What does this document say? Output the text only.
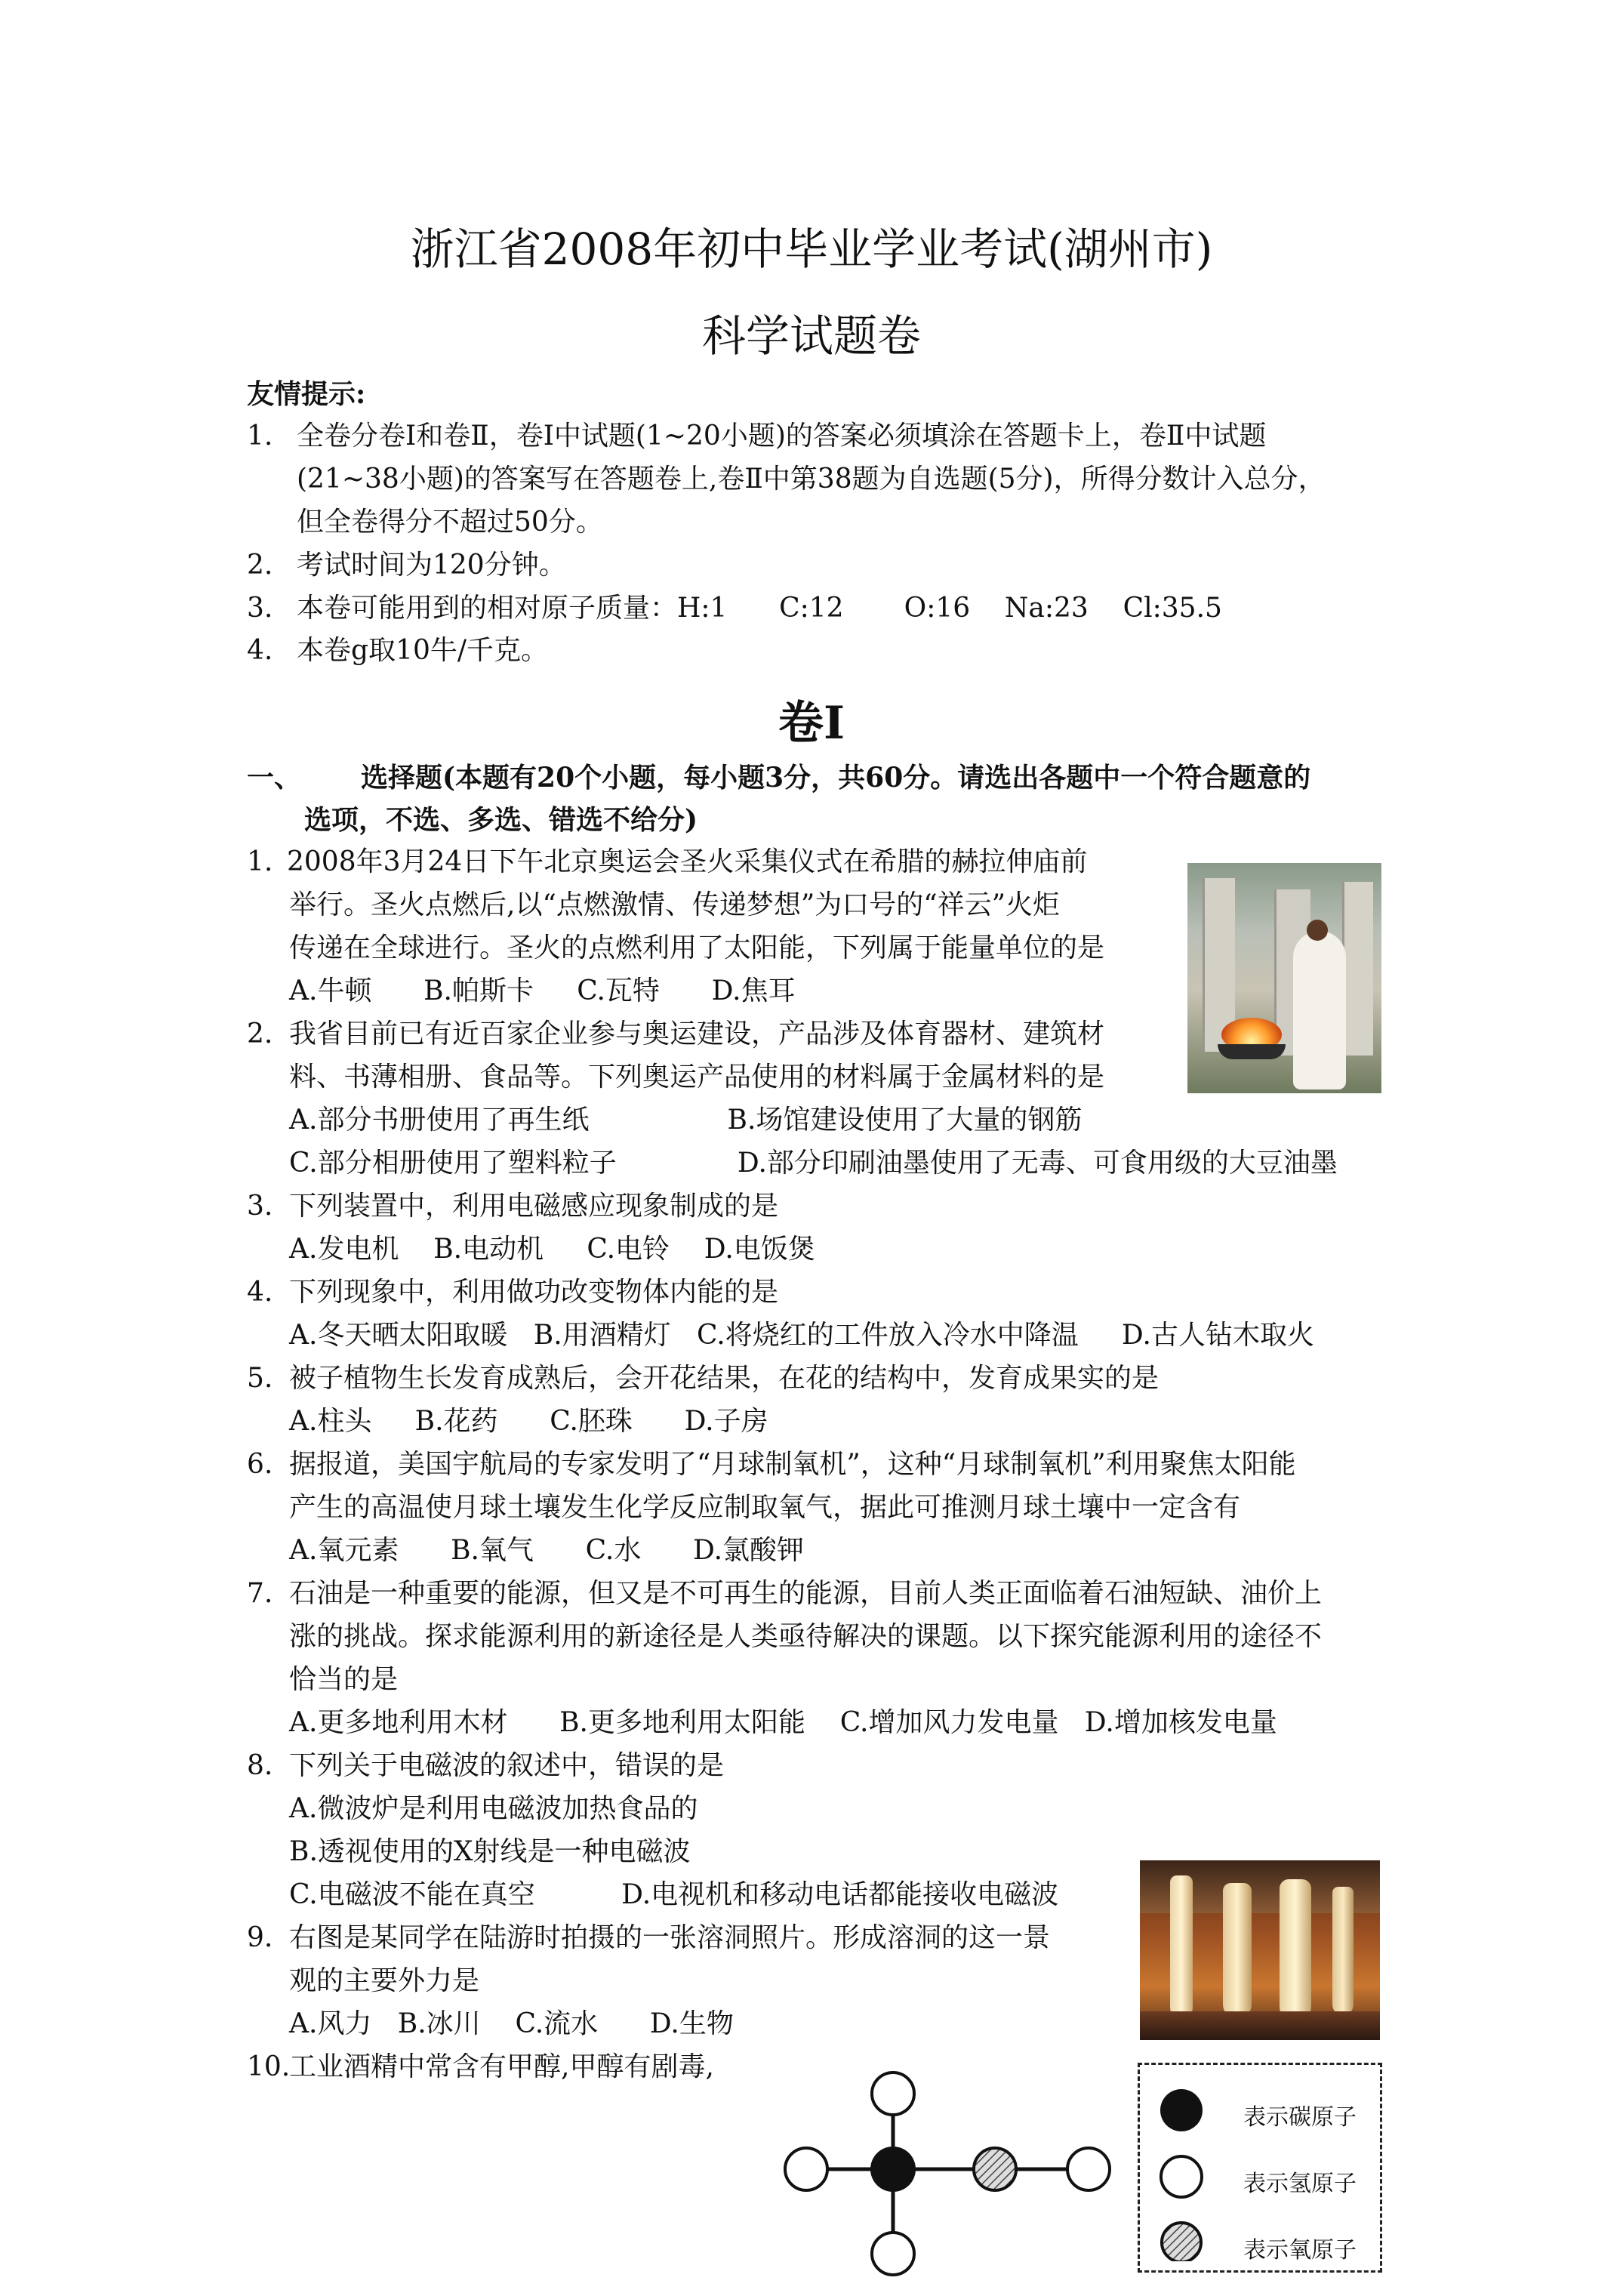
浙江省2008年初中毕业学业考试(湖州市)
科学试题卷
友情提示:
1. 全卷分卷Ⅰ和卷Ⅱ，卷Ⅰ中试题(1~20小题)的答案必须填涂在答题卡上，卷Ⅱ中试题
(21~38小题)的答案写在答题卷上,卷Ⅱ中第38题为自选题(5分)，所得分数计入总分，
但全卷得分不超过50分。
2. 考试时间为120分钟。
3. 本卷可能用到的相对原子质量：H:1      C:12       O:16    Na:23    Cl:35.5
4. 本卷g取10牛/千克。
卷Ⅰ
一、 选择题(本题有20个小题，每小题3分，共60分。请选出各题中一个符合题意的
选项，不选、多选、错选不给分)
1. 2008年3月24日下午北京奥运会圣火采集仪式在希腊的赫拉伸庙前
举行。圣火点燃后,以“点燃激情、传递梦想”为口号的“祥云”火炬
传递在全球进行。圣火的点燃利用了太阳能，下列属于能量单位的是
A.牛顿      B.帕斯卡     C.瓦特      D.焦耳
2. 我省目前已有近百家企业参与奥运建设，产品涉及体育器材、建筑材
料、书薄相册、食品等。下列奥运产品使用的材料属于金属材料的是
A.部分书册使用了再生纸                B.场馆建设使用了大量的钢筋
C.部分相册使用了塑料粒子              D.部分印刷油墨使用了无毒、可食用级的大豆油墨
3. 下列装置中，利用电磁感应现象制成的是
A.发电机    B.电动机     C.电铃    D.电饭煲
4. 下列现象中，利用做功改变物体内能的是
A.冬天晒太阳取暖   B.用酒精灯   C.将烧红的工件放入冷水中降温     D.古人钻木取火
5. 被子植物生长发育成熟后，会开花结果，在花的结构中，发育成果实的是
A.柱头     B.花药      C.胚珠      D.子房
6. 据报道，美国宇航局的专家发明了“月球制氧机”，这种“月球制氧机”利用聚焦太阳能
产生的高温使月球土壤发生化学反应制取氧气，据此可推测月球土壤中一定含有
A.氧元素      B.氧气      C.水      D.氯酸钾
7. 石油是一种重要的能源，但又是不可再生的能源，目前人类正面临着石油短缺、油价上
涨的挑战。探求能源利用的新途径是人类亟待解决的课题。以下探究能源利用的途径不
恰当的是
A.更多地利用木材      B.更多地利用太阳能    C.增加风力发电量   D.增加核发电量
8. 下列关于电磁波的叙述中，错误的是
A.微波炉是利用电磁波加热食品的
B.透视使用的X射线是一种电磁波
C.电磁波不能在真空          D.电视机和移动电话都能接收电磁波
9. 右图是某同学在陆游时拍摄的一张溶洞照片。形成溶洞的这一景
观的主要外力是
A.风力   B.冰川    C.流水      D.生物
10.
工业酒精中常含有甲醇,甲醇有剧毒,
表示碳原子
表示氢原子
表示氧原子
